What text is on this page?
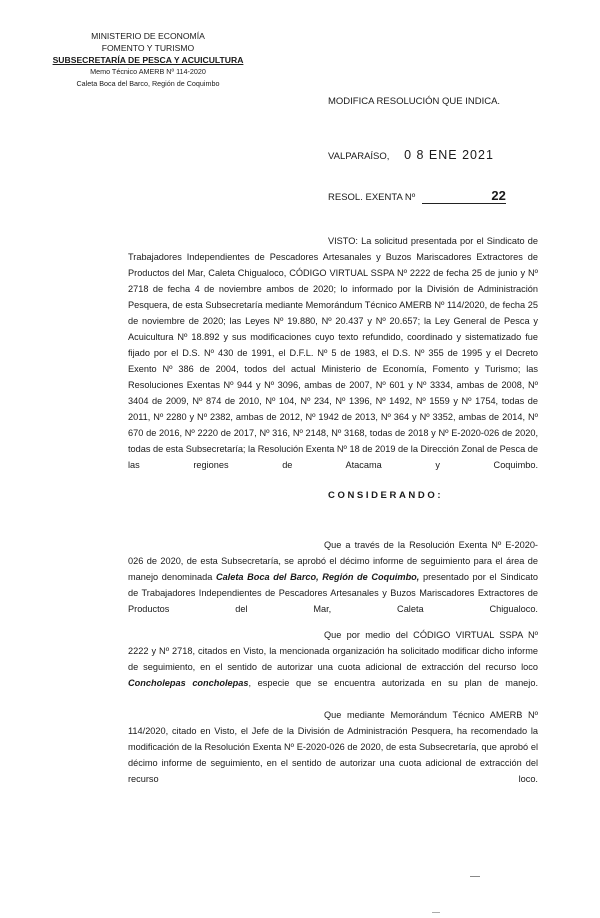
MINISTERIO DE ECONOMÍA
FOMENTO Y TURISMO
SUBSECRETARÍA DE PESCA Y ACUICULTURA
Memo Técnico AMERB Nº 114-2020
Caleta Boca del Barco, Región de Coquimbo
MODIFICA RESOLUCIÓN QUE INDICA.
VALPARAÍSO, 0 8 ENE 2021
RESOL. EXENTA Nº	22
VISTO: La solicitud presentada por el Sindicato de Trabajadores Independientes de Pescadores Artesanales y Buzos Mariscadores Extractores de Productos del Mar, Caleta Chigualoco, CÓDIGO VIRTUAL SSPA Nº 2222 de fecha 25 de junio y Nº 2718 de fecha 4 de noviembre ambos de 2020; lo informado por la División de Administración Pesquera, de esta Subsecretaría mediante Memorándum Técnico AMERB Nº 114/2020, de fecha 25 de noviembre de 2020; las Leyes Nº 19.880, Nº 20.437 y Nº 20.657; la Ley General de Pesca y Acuicultura Nº 18.892 y sus modificaciones cuyo texto refundido, coordinado y sistematizado fue fijado por el D.S. Nº 430 de 1991, el D.F.L. Nº 5 de 1983, el D.S. Nº 355 de 1995 y el Decreto Exento Nº 386 de 2004, todos del actual Ministerio de Economía, Fomento y Turismo; las Resoluciones Exentas Nº 944 y Nº 3096, ambas de 2007, Nº 601 y Nº 3334, ambas de 2008, Nº 3404 de 2009, Nº 874 de 2010, Nº 104, Nº 234, Nº 1396, Nº 1492, Nº 1559 y Nº 1754, todas de 2011, Nº 2280 y Nº 2382, ambas de 2012, Nº 1942 de 2013, Nº 364 y Nº 3352, ambas de 2014, Nº 670 de 2016, Nº 2220 de 2017, Nº 316, Nº 2148, Nº 3168, todas de 2018 y Nº E-2020-026 de 2020, todas de esta Subsecretaría; la Resolución Exenta Nº 18 de 2019 de la Dirección Zonal de Pesca de las regiones de Atacama y Coquimbo.
CONSIDERANDO:
Que a través de la Resolución Exenta Nº E-2020-026 de 2020, de esta Subsecretaría, se aprobó el décimo informe de seguimiento para el área de manejo denominada Caleta Boca del Barco, Región de Coquimbo, presentado por el Sindicato de Trabajadores Independientes de Pescadores Artesanales y Buzos Mariscadores Extractores de Productos del Mar, Caleta Chigualoco.
Que por medio del CÓDIGO VIRTUAL SSPA Nº 2222 y Nº 2718, citados en Visto, la mencionada organización ha solicitado modificar dicho informe de seguimiento, en el sentido de autorizar una cuota adicional de extracción del recurso loco Concholepas concholepas, especie que se encuentra autorizada en su plan de manejo.
Que mediante Memorándum Técnico AMERB Nº 114/2020, citado en Visto, el Jefe de la División de Administración Pesquera, ha recomendado la modificación de la Resolución Exenta Nº E-2020-026 de 2020, de esta Subsecretaría, que aprobó el décimo informe de seguimiento, en el sentido de autorizar una cuota adicional de extracción del recurso loco.
